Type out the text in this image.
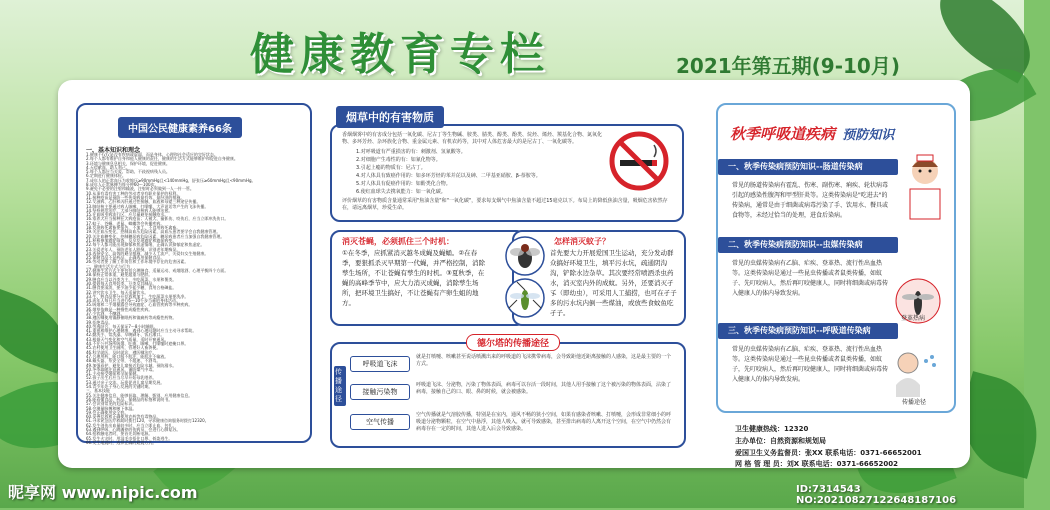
健康教育专栏	2021年第五期(9-10月)
中国公民健康素养66条
一、基本知识和理念
1.健康不仅仅是没有疾病或虚弱，而是身体、心理和社会适应的完好状态。
2.每个人都有维护自身和他人健康的责任，健康的生活方式能够维护和促进自身健康。
3.环境与健康息息相关，保护环境，促进健康。
4.无偿献血，助人利己。
5.每个人都应当关爱、帮助、不歧视病残人员。
6.定期进行健康体检。
7.成年人的正常血压为收缩压≥90mmHg且<140mmHg，舒张压≥60mmHg且<90mmHg。
8.成年人正常脉搏为每分钟60～100次。
9.避免不必要的注射和输液，注射时必须做到一人一针一管。
10.从事有毒有害工种的劳动者享有职业保护的权利。
11.接种疫苗是预防一些传染病最有效、最经济的措施。
12.艾滋病、乙肝和丙肝通过性接触、血液和母婴三种途径传播。
13.肺结核主要通过病人咳嗽、打喷嚏、大声说话等产生的飞沫传播。
14.坚持规范治疗，大部分肺结核病人能够治愈。
15.在血吸虫病流行区，应尽量避免接触疫水。
16.家养犬应当接种狂犬病疫苗；人被犬、猫抓伤、咬伤后，应当立即冲洗伤口。
17.蚊子、苍蝇、老鼠、蟑螂等会传播疾病。
18.发现病死禽畜要报告，不加工、不食用病死禽畜。
19.关注血压变化，控制高血压危险因素，高血压患者要学会自我健康管理。
20.关注血糖变化，控制糖尿病危险因素，糖尿病患者应当加强自我健康管理。
21.积极参加癌症筛查，及早发现癌症和癌前病变。
22.每个人都可能出现抑郁和焦虑情绪，正确认识抑郁症和焦虑症。
23.关爱老年人，预防老年人跌倒，识别老年期痴呆。
24.选择安全、高效的避孕措施，减少人工流产，关爱妇女生殖健康。
25.保健食品不是药品，正确选用保健食品。
26.劳动者要了解工作岗位和工作环境中存在的危害因素。
二、健康生活方式与行为
27.健康生活方式主要包括合理膳食、适量运动、戒烟限酒、心理平衡四个方面。
28.保持正常体重，避免超重与肥胖。
29.膳食应当以谷类为主，多吃蔬菜、水果和薯类。
30.提倡每天食用奶类、豆类及其制品。
31.膳食要清淡，要少油少盐少糖，食用合格碘盐。
32.讲究饮水卫生，每天适量饮水。
33.生、熟食品要分开存放和加工，生吃蔬菜水果要洗净。
34.成年人每日应当进行6～10千步当量的身体活动。
35.吸烟和二手烟暴露会导致癌症、心血管疾病等多种疾病。
36.烟草依赖是一种慢性成瘾性疾病。
37.少饮酒，不酗酒。
38.遵医嘱使用镇静催眠药和镇痛药等成瘾性药物。
39.拒绝毒品。
40.劳逸结合，每天保证7～8小时睡眠。
41.重视和维护心理健康，遇到心理问题时应当主动寻求帮助。
42.勤洗手、常洗澡、早晚刷牙、饭后漱口。
43.根据天气变化和空气质量，适时开窗通风。
44.不在公共场所吸烟、吐痰，咳嗽、打喷嚏时遮掩口鼻。
45.农村使用卫生厕所，管理好人畜粪便。
46.科学就医，及时就诊，遵医嘱治疗。
47.合理用药，能口服不肌注，能肌注不输液。
48.戴头盔、系安全带，不超速、不酒驾。
49.加强看护，避免儿童接近危险水域，预防溺水。
50.冬季取暖注意通风，谨防煤气中毒。
51.主动接受婚前和孕前保健。
52.孩子出生后应当尽早开始母乳喂养。
53.通过亲子交流、玩耍促进儿童早期发展。
54.青少年处于身心发展的关键时期。
三、基本技能
55.关注健康信息，能够获取、理解、甄别、应用健康信息。
56.能看懂食品、药品、保健品的标签和说明书。
57.会识别常见的危险标识。
58.会测量脉搏和腋下体温。
59.会正确使用安全套。
60.妥善存放和正确使用农药等有毒物品。
61.寻求紧急医疗救助时拨打120，寻求健康咨询服务时拨打12320。
62.发生创伤出血量较多时，应当立即止血、包扎。
63.遇到呼吸、心跳骤停的伤病员，会进行心肺复苏。
64.抢救触电者时，要首先切断电源。
65.发生火灾时，用湿毛巾捂住口鼻、低姿逃生。
66.发生地震时，选择正确的避震方式。
香烟烟雾中的有害成分包括一氧化碳、尼古丁等生物碱、胺类、腈类、醇类、酚类、烷烃、烯烃、羰基化合物、氮氧化物、多环芳烃、杂环族化合物、重金属元素、有机农药等，其中对人体危害最大的是尼古丁、一氧化碳等。
1.对呼吸道有严重损害的有：刺激剂、氢氰酸等。
2.对细胞产生毒性的有：如氰化物等。
3.引起上瘾的物质有：尼古丁。
4.对人体具有致癌作用的：如多环芳烃的苯并芘以及砷、二甲基亚硝胺、β-萘胺等。
5.对人体具有促癌作用的：如酚类化合物。
6.使红血球失去携氧能力：如一氧化碳。
评价烟草的有害物质含量通常采用"焦油含量"和"一氧化碳"，要求每支烟气中焦油含量不超过15毫克以下。布局上的降低焦油含量，吸烟危害依然存在，请远离烟草，珍爱生命。
烟草中的有害物质
消灭苍蝇，必须抓住三个时机：
①在冬季，应抓紧消灭越冬成蝇及蝇蛹。②在春季，要狠抓杀灭早期第一代蝇，并严格控制，消除孳生场所，不让苍蝇有孳生的时机。③夏秋季，在蝇的高峰季节中，应大力消灭成蝇，消除孳生场所，把环境卫生搞好，不让苍蝇有产卵生蛆的地方。
怎样消灭蚊子？
首先要大力开展爱国卫生运动，充分发动群众搞好环境卫生，填平污水坑，疏通阴沟沟，铲除水边杂草。其次要经常喷洒杀虫药水，消灭室内外的成蚊。另外，还要消灭孑孓（即幼虫），可采用人工捕捞，也可在孑子多的污水坑内倒一些煤油，或放些食蚊鱼吃孑子。
传播途径
呼吸道飞沫
就是打喷嚏、咳嗽甚至说话喷溅出来的呼吸道的飞沫携带病毒，会导致距他近距离接触的人感染，这是最主要的一个方式。
接触污染物
呼吸道飞沫、分泌物，污染了物体表面，病毒可以存活一段时间，其他人用手接触了这个被污染的物体表面，沾染了病毒，接触自己的口、眼、鼻的时候，就会被感染。
空气传播
空气传播就是气溶胶传播，特别是在室内，通风不畅的狭小空间，如果有感染者咳嗽、打喷嚏，会形成非常细小的呼吸道分泌物颗粒，在空气中悬浮，其他人吸入，就可导致感染，甚至排出病毒的人离开这个空间，在空气中仍然会有病毒存在一定的时间，其他人进入后会导致感染。
德尔塔的传播途径
秋季呼吸道疾病 预防知识
一、秋季传染病预防知识--肠道传染病
常见的肠道传染病有霍乱、伤寒、副伤寒、痢疾、轮状病毒引起的感染性腹泻和甲型肝炎等。这类传染病是"吃进去"的传染病，通常是由于细菌或病毒污染了手、饮用水、餐具或食物等，未经过恰当的处理，进食后染病。
二、秋季传染病预防知识--虫媒传染病
常见的虫媒传染病有乙脑、疟疾、登革热、流行性出血热等。这类传染病是通过一些昆虫传播或者鼠类传播，如蚊子、先叮咬病人，然后再叮咬健康人，同时将细菌或病毒传入健康人的体内导致发病。
三、秋季传染病预防知识--呼吸道传染病
常见的虫媒传染病有乙脑、疟疾、登革热、流行性出血热等。这类传染病是通过一些昆虫传播或者鼠类传播，如蚊子，先叮咬病人，然后再叮咬健康人，同时将细菌或病毒传入健康人的体内导致发病。
登革热病
传播途径
卫生健康热线：12320
主办单位：自然资源和规划局
爱国卫生义务监督员：张XX 联系电话：0371-66652001
网 格 管 理 员：刘X 联系电话：0371-66652002
昵享网 www.nipic.com	ID:7314543 NO:20210827122648187106
